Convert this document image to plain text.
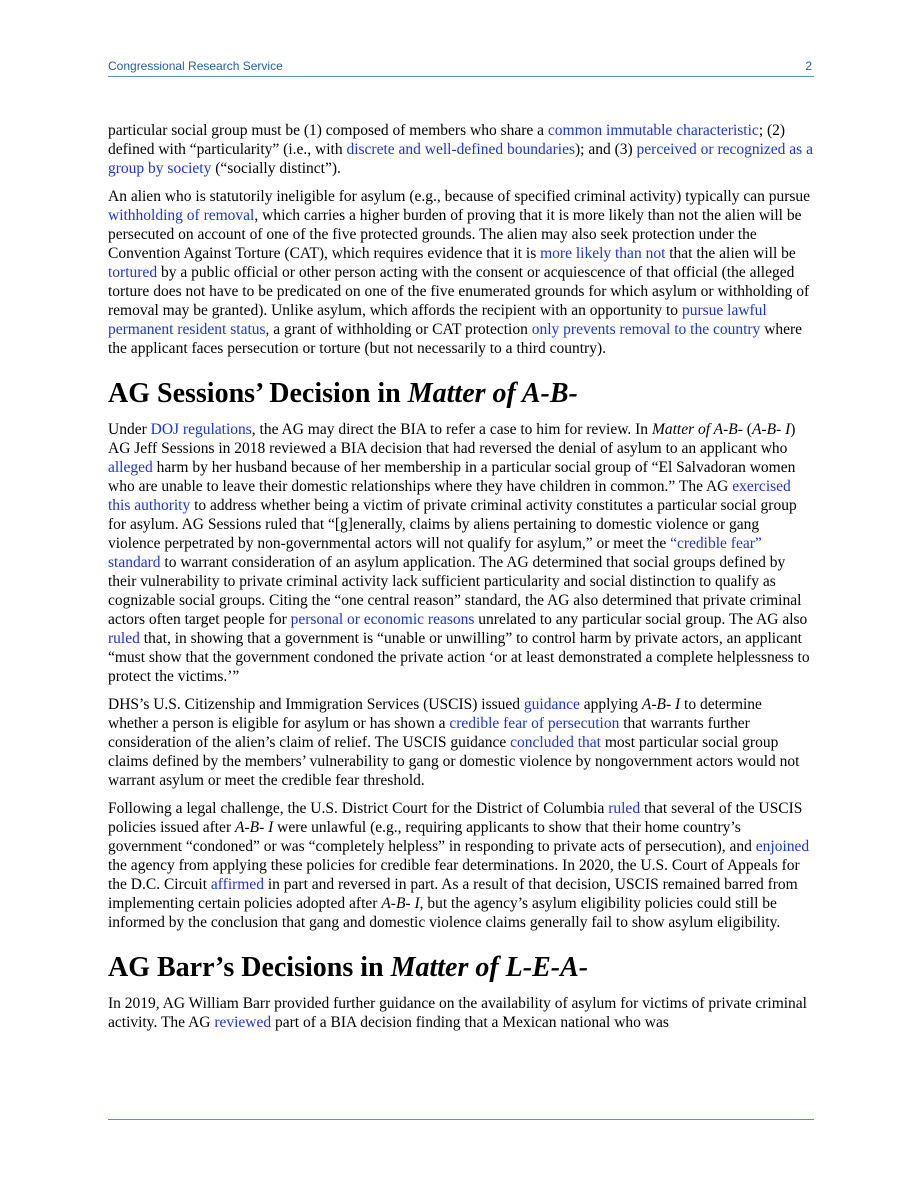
Congressional Research Service	2

particular social group must be (1) composed of members who share a common immutable characteristic; (2) defined with “particularity” (i.e., with discrete and well-defined boundaries); and (3) perceived or recognized as a group by society (“socially distinct”).

An alien who is statutorily ineligible for asylum (e.g., because of specified criminal activity) typically can pursue withholding of removal, which carries a higher burden of proving that it is more likely than not the alien will be persecuted on account of one of the five protected grounds. The alien may also seek protection under the Convention Against Torture (CAT), which requires evidence that it is more likely than not that the alien will be tortured by a public official or other person acting with the consent or acquiescence of that official (the alleged torture does not have to be predicated on one of the five enumerated grounds for which asylum or withholding of removal may be granted). Unlike asylum, which affords the recipient with an opportunity to pursue lawful permanent resident status, a grant of withholding or CAT protection only prevents removal to the country where the applicant faces persecution or torture (but not necessarily to a third country).

AG Sessions’ Decision in Matter of A-B-

Under DOJ regulations, the AG may direct the BIA to refer a case to him for review. In Matter of A-B- (A-B- I) AG Jeff Sessions in 2018 reviewed a BIA decision that had reversed the denial of asylum to an applicant who alleged harm by her husband because of her membership in a particular social group of “El Salvadoran women who are unable to leave their domestic relationships where they have children in common.” The AG exercised this authority to address whether being a victim of private criminal activity constitutes a particular social group for asylum. AG Sessions ruled that “[g]enerally, claims by aliens pertaining to domestic violence or gang violence perpetrated by non-governmental actors will not qualify for asylum,” or meet the “credible fear” standard to warrant consideration of an asylum application. The AG determined that social groups defined by their vulnerability to private criminal activity lack sufficient particularity and social distinction to qualify as cognizable social groups. Citing the “one central reason” standard, the AG also determined that private criminal actors often target people for personal or economic reasons unrelated to any particular social group. The AG also ruled that, in showing that a government is “unable or unwilling” to control harm by private actors, an applicant “must show that the government condoned the private action ‘or at least demonstrated a complete helplessness to protect the victims.’”

DHS’s U.S. Citizenship and Immigration Services (USCIS) issued guidance applying A-B- I to determine whether a person is eligible for asylum or has shown a credible fear of persecution that warrants further consideration of the alien’s claim of relief. The USCIS guidance concluded that most particular social group claims defined by the members’ vulnerability to gang or domestic violence by nongovernment actors would not warrant asylum or meet the credible fear threshold.

Following a legal challenge, the U.S. District Court for the District of Columbia ruled that several of the USCIS policies issued after A-B- I were unlawful (e.g., requiring applicants to show that their home country’s government “condoned” or was “completely helpless” in responding to private acts of persecution), and enjoined the agency from applying these policies for credible fear determinations. In 2020, the U.S. Court of Appeals for the D.C. Circuit affirmed in part and reversed in part. As a result of that decision, USCIS remained barred from implementing certain policies adopted after A-B- I, but the agency’s asylum eligibility policies could still be informed by the conclusion that gang and domestic violence claims generally fail to show asylum eligibility.

AG Barr’s Decisions in Matter of L-E-A-

In 2019, AG William Barr provided further guidance on the availability of asylum for victims of private criminal activity. The AG reviewed part of a BIA decision finding that a Mexican national who was
